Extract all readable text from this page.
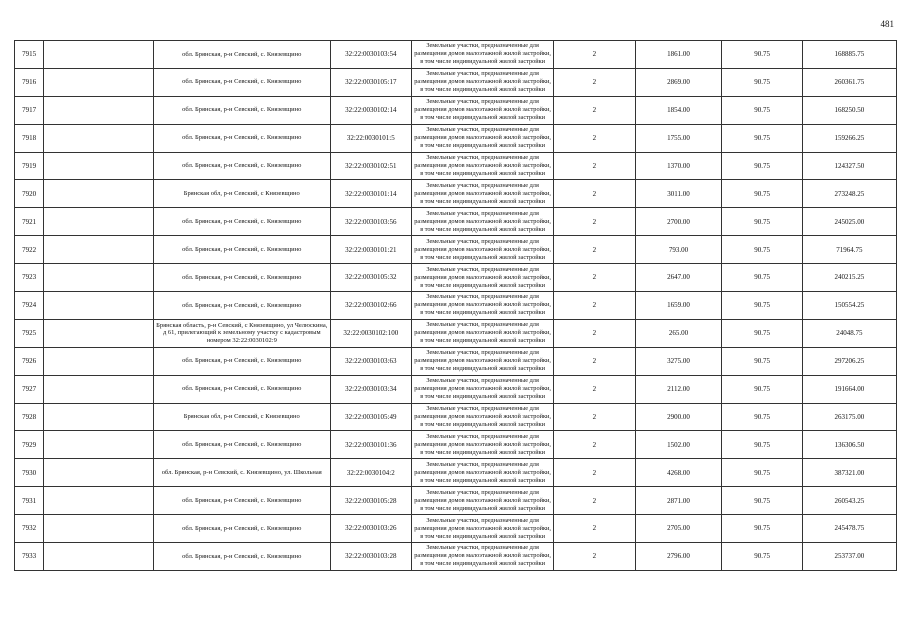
481
7915		обл. Брянская, р-н Севский, с. Князевщино	32:22:0030103:54	Земельные участки, предназначенные для размещения домов малоэтажной жилой застройки, в том числе индивидуальной жилой застройки	2	1861.00	90.75	168885.75
7916		обл. Брянская, р-н Севский, с. Князевщино	32:22:0030105:17	Земельные участки, предназначенные для размещения домов малоэтажной жилой застройки, в том числе индивидуальной жилой застройки	2	2869.00	90.75	260361.75
7917		обл. Брянская, р-н Севский, с. Князевщино	32:22:0030102:14	Земельные участки, предназначенные для размещения домов малоэтажной жилой застройки, в том числе индивидуальной жилой застройки	2	1854.00	90.75	168250.50
7918		обл. Брянская, р-н Севский, с. Князевщино	32:22:0030101:5	Земельные участки, предназначенные для размещения домов малоэтажной жилой застройки, в том числе индивидуальной жилой застройки	2	1755.00	90.75	159266.25
7919		обл. Брянская, р-н Севский, с. Князевщино	32:22:0030102:51	Земельные участки, предназначенные для размещения домов малоэтажной жилой застройки, в том числе индивидуальной жилой застройки	2	1370.00	90.75	124327.50
7920		Брянская обл, р-н Севский, с Князевщино	32:22:0030101:14	Земельные участки, предназначенные для размещения домов малоэтажной жилой застройки, в том числе индивидуальной жилой застройки	2	3011.00	90.75	273248.25
7921		обл. Брянская, р-н Севский, с. Князевщино	32:22:0030103:56	Земельные участки, предназначенные для размещения домов малоэтажной жилой застройки, в том числе индивидуальной жилой застройки	2	2700.00	90.75	245025.00
7922		обл. Брянская, р-н Севский, с. Князевщино	32:22:0030101:21	Земельные участки, предназначенные для размещения домов малоэтажной жилой застройки, в том числе индивидуальной жилой застройки	2	793.00	90.75	71964.75
7923		обл. Брянская, р-н Севский, с. Князевщино	32:22:0030105:32	Земельные участки, предназначенные для размещения домов малоэтажной жилой застройки, в том числе индивидуальной жилой застройки	2	2647.00	90.75	240215.25
7924		обл. Брянская, р-н Севский, с. Князевщино	32:22:0030102:66	Земельные участки, предназначенные для размещения домов малоэтажной жилой застройки, в том числе индивидуальной жилой застройки	2	1659.00	90.75	150554.25
7925		Брянская область, р-н Севский, с Князевщино, ул Челюскина, д 61, прилегающий к земельному участку с кадастровым номером 32:22:0030102:9	32:22:0030102:100	Земельные участки, предназначенные для размещения домов малоэтажной жилой застройки, в том числе индивидуальной жилой застройки	2	265.00	90.75	24048.75
7926		обл. Брянская, р-н Севский, с. Князевщино	32:22:0030103:63	Земельные участки, предназначенные для размещения домов малоэтажной жилой застройки, в том числе индивидуальной жилой застройки	2	3275.00	90.75	297206.25
7927		обл. Брянская, р-н Севский, с. Князевщино	32:22:0030103:34	Земельные участки, предназначенные для размещения домов малоэтажной жилой застройки, в том числе индивидуальной жилой застройки	2	2112.00	90.75	191664.00
7928		Брянская обл, р-н Севский, с Князевщино	32:22:0030105:49	Земельные участки, предназначенные для размещения домов малоэтажной жилой застройки, в том числе индивидуальной жилой застройки	2	2900.00	90.75	263175.00
7929		обл. Брянская, р-н Севский, с. Князевщино	32:22:0030101:36	Земельные участки, предназначенные для размещения домов малоэтажной жилой застройки, в том числе индивидуальной жилой застройки	2	1502.00	90.75	136306.50
7930		обл. Брянская, р-н Севский, с. Князевщино, ул. Школьная	32:22:0030104:2	Земельные участки, предназначенные для размещения домов малоэтажной жилой застройки, в том числе индивидуальной жилой застройки	2	4268.00	90.75	387321.00
7931		обл. Брянская, р-н Севский, с. Князевщино	32:22:0030105:28	Земельные участки, предназначенные для размещения домов малоэтажной жилой застройки, в том числе индивидуальной жилой застройки	2	2871.00	90.75	260543.25
7932		обл. Брянская, р-н Севский, с. Князевщино	32:22:0030103:26	Земельные участки, предназначенные для размещения домов малоэтажной жилой застройки, в том числе индивидуальной жилой застройки	2	2705.00	90.75	245478.75
7933		обл. Брянская, р-н Севский, с. Князевщино	32:22:0030103:28	Земельные участки, предназначенные для размещения домов малоэтажной жилой застройки, в том числе индивидуальной жилой застройки	2	2796.00	90.75	253737.00
